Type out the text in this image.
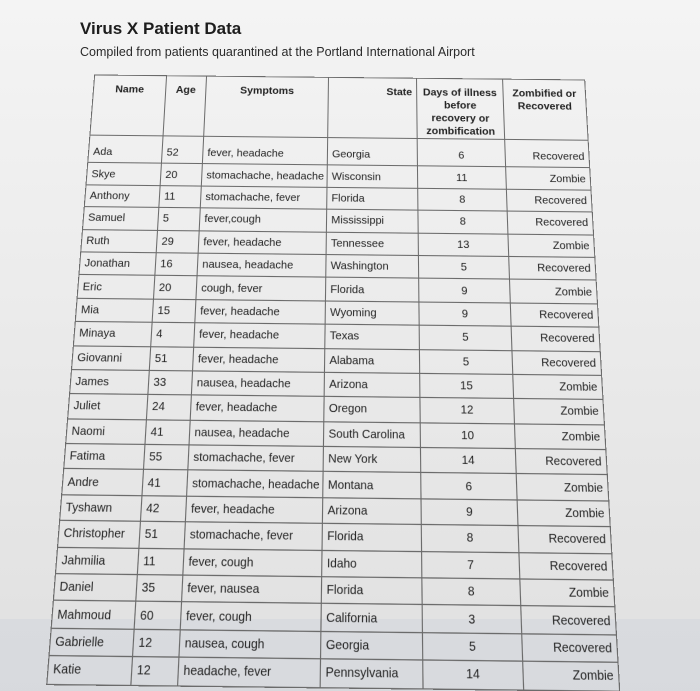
Virus X Patient Data
Compiled from patients quarantined at the Portland International Airport
Name	Age	Symptoms	State	Days of illness before recovery or zombification	Zombified or Recovered
Ada	52	fever, headache	Georgia	6	Recovered
Skye	20	stomachache, headache	Wisconsin	11	Zombie
Anthony	11	stomachache, fever	Florida	8	Recovered
Samuel	5	fever,cough	Mississippi	8	Recovered
Ruth	29	fever, headache	Tennessee	13	Zombie
Jonathan	16	nausea, headache	Washington	5	Recovered
Eric	20	cough, fever	Florida	9	Zombie
Mia	15	fever, headache	Wyoming	9	Recovered
Minaya	4	fever, headache	Texas	5	Recovered
Giovanni	51	fever, headache	Alabama	5	Recovered
James	33	nausea, headache	Arizona	15	Zombie
Juliet	24	fever, headache	Oregon	12	Zombie
Naomi	41	nausea, headache	South Carolina	10	Zombie
Fatima	55	stomachache, fever	New York	14	Recovered
Andre	41	stomachache, headache	Montana	6	Zombie
Tyshawn	42	fever, headache	Arizona	9	Zombie
Christopher	51	stomachache, fever	Florida	8	Recovered
Jahmilia	11	fever, cough	Idaho	7	Recovered
Daniel	35	fever, nausea	Florida	8	Zombie
Mahmoud	60	fever, cough	California	3	Recovered
Gabrielle	12	nausea, cough	Georgia	5	Recovered
Katie	12	headache, fever	Pennsylvania	14	Zombie
